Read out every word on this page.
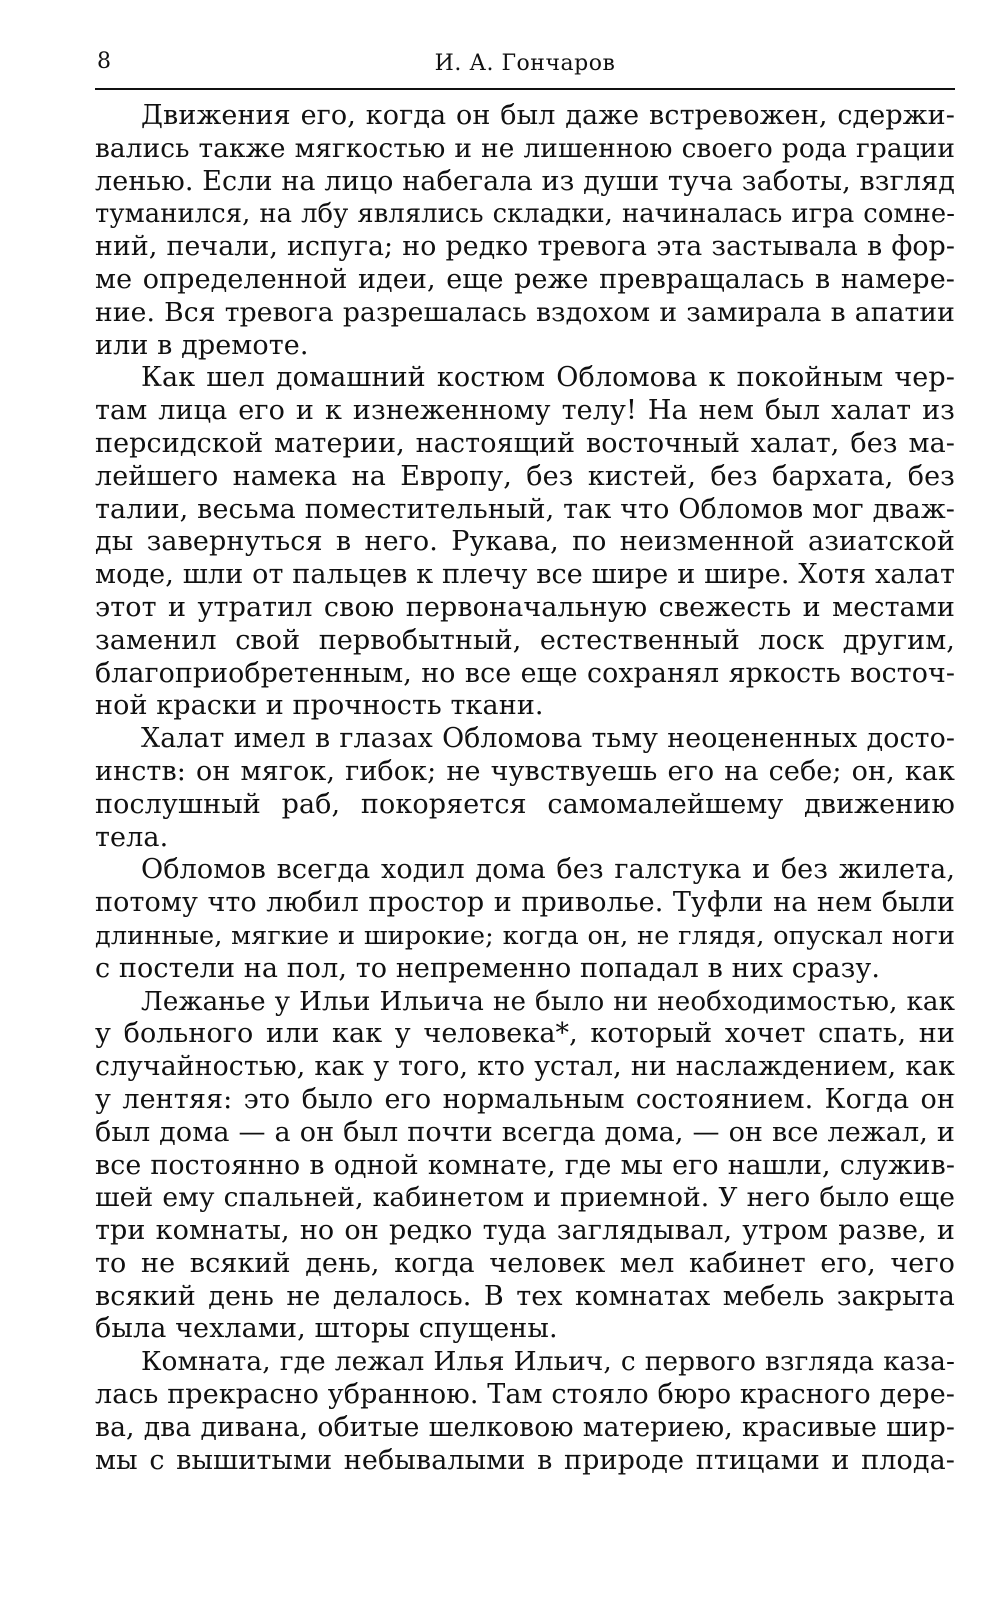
8	И. А. Гончаров

Движения его, когда он был даже встревожен, сдержи-
вались также мягкостью и не лишенною своего рода грации
ленью. Если на лицо набегала из души туча заботы, взгляд
туманился, на лбу являлись складки, начиналась игра сомне-
ний, печали, испуга; но редко тревога эта застывала в фор-
ме определенной идеи, еще реже превращалась в намере-
ние. Вся тревога разрешалась вздохом и замирала в апатии
или в дремоте.

Как шел домашний костюм Обломова к покойным чер-
там лица его и к изнеженному телу! На нем был халат из
персидской материи, настоящий восточный халат, без ма-
лейшего намека на Европу, без кистей, без бархата, без
талии, весьма поместительный, так что Обломов мог дваж-
ды завернуться в него. Рукава, по неизменной азиатской
моде, шли от пальцев к плечу все шире и шире. Хотя халат
этот и утратил свою первоначальную свежесть и местами
заменил свой первобытный, естественный лоск другим,
благоприобретенным, но все еще сохранял яркость восточ-
ной краски и прочность ткани.

Халат имел в глазах Обломова тьму неоцененных досто-
инств: он мягок, гибок; не чувствуешь его на себе; он, как
послушный раб, покоряется самомалейшему движению
тела.

Обломов всегда ходил дома без галстука и без жилета,
потому что любил простор и приволье. Туфли на нем были
длинные, мягкие и широкие; когда он, не глядя, опускал ноги
с постели на пол, то непременно попадал в них сразу.

Лежанье у Ильи Ильича не было ни необходимостью, как
у больного или как у человека*, который хочет спать, ни
случайностью, как у того, кто устал, ни наслаждением, как
у лентяя: это было его нормальным состоянием. Когда он
был дома — а он был почти всегда дома, — он все лежал, и
все постоянно в одной комнате, где мы его нашли, служив-
шей ему спальней, кабинетом и приемной. У него было еще
три комнаты, но он редко туда заглядывал, утром разве, и
то не всякий день, когда человек мел кабинет его, чего
всякий день не делалось. В тех комнатах мебель закрыта
была чехлами, шторы спущены.

Комната, где лежал Илья Ильич, с первого взгляда каза-
лась прекрасно убранною. Там стояло бюро красного дере-
ва, два дивана, обитые шелковою материею, красивые шир-
мы с вышитыми небывалыми в природе птицами и плода-
